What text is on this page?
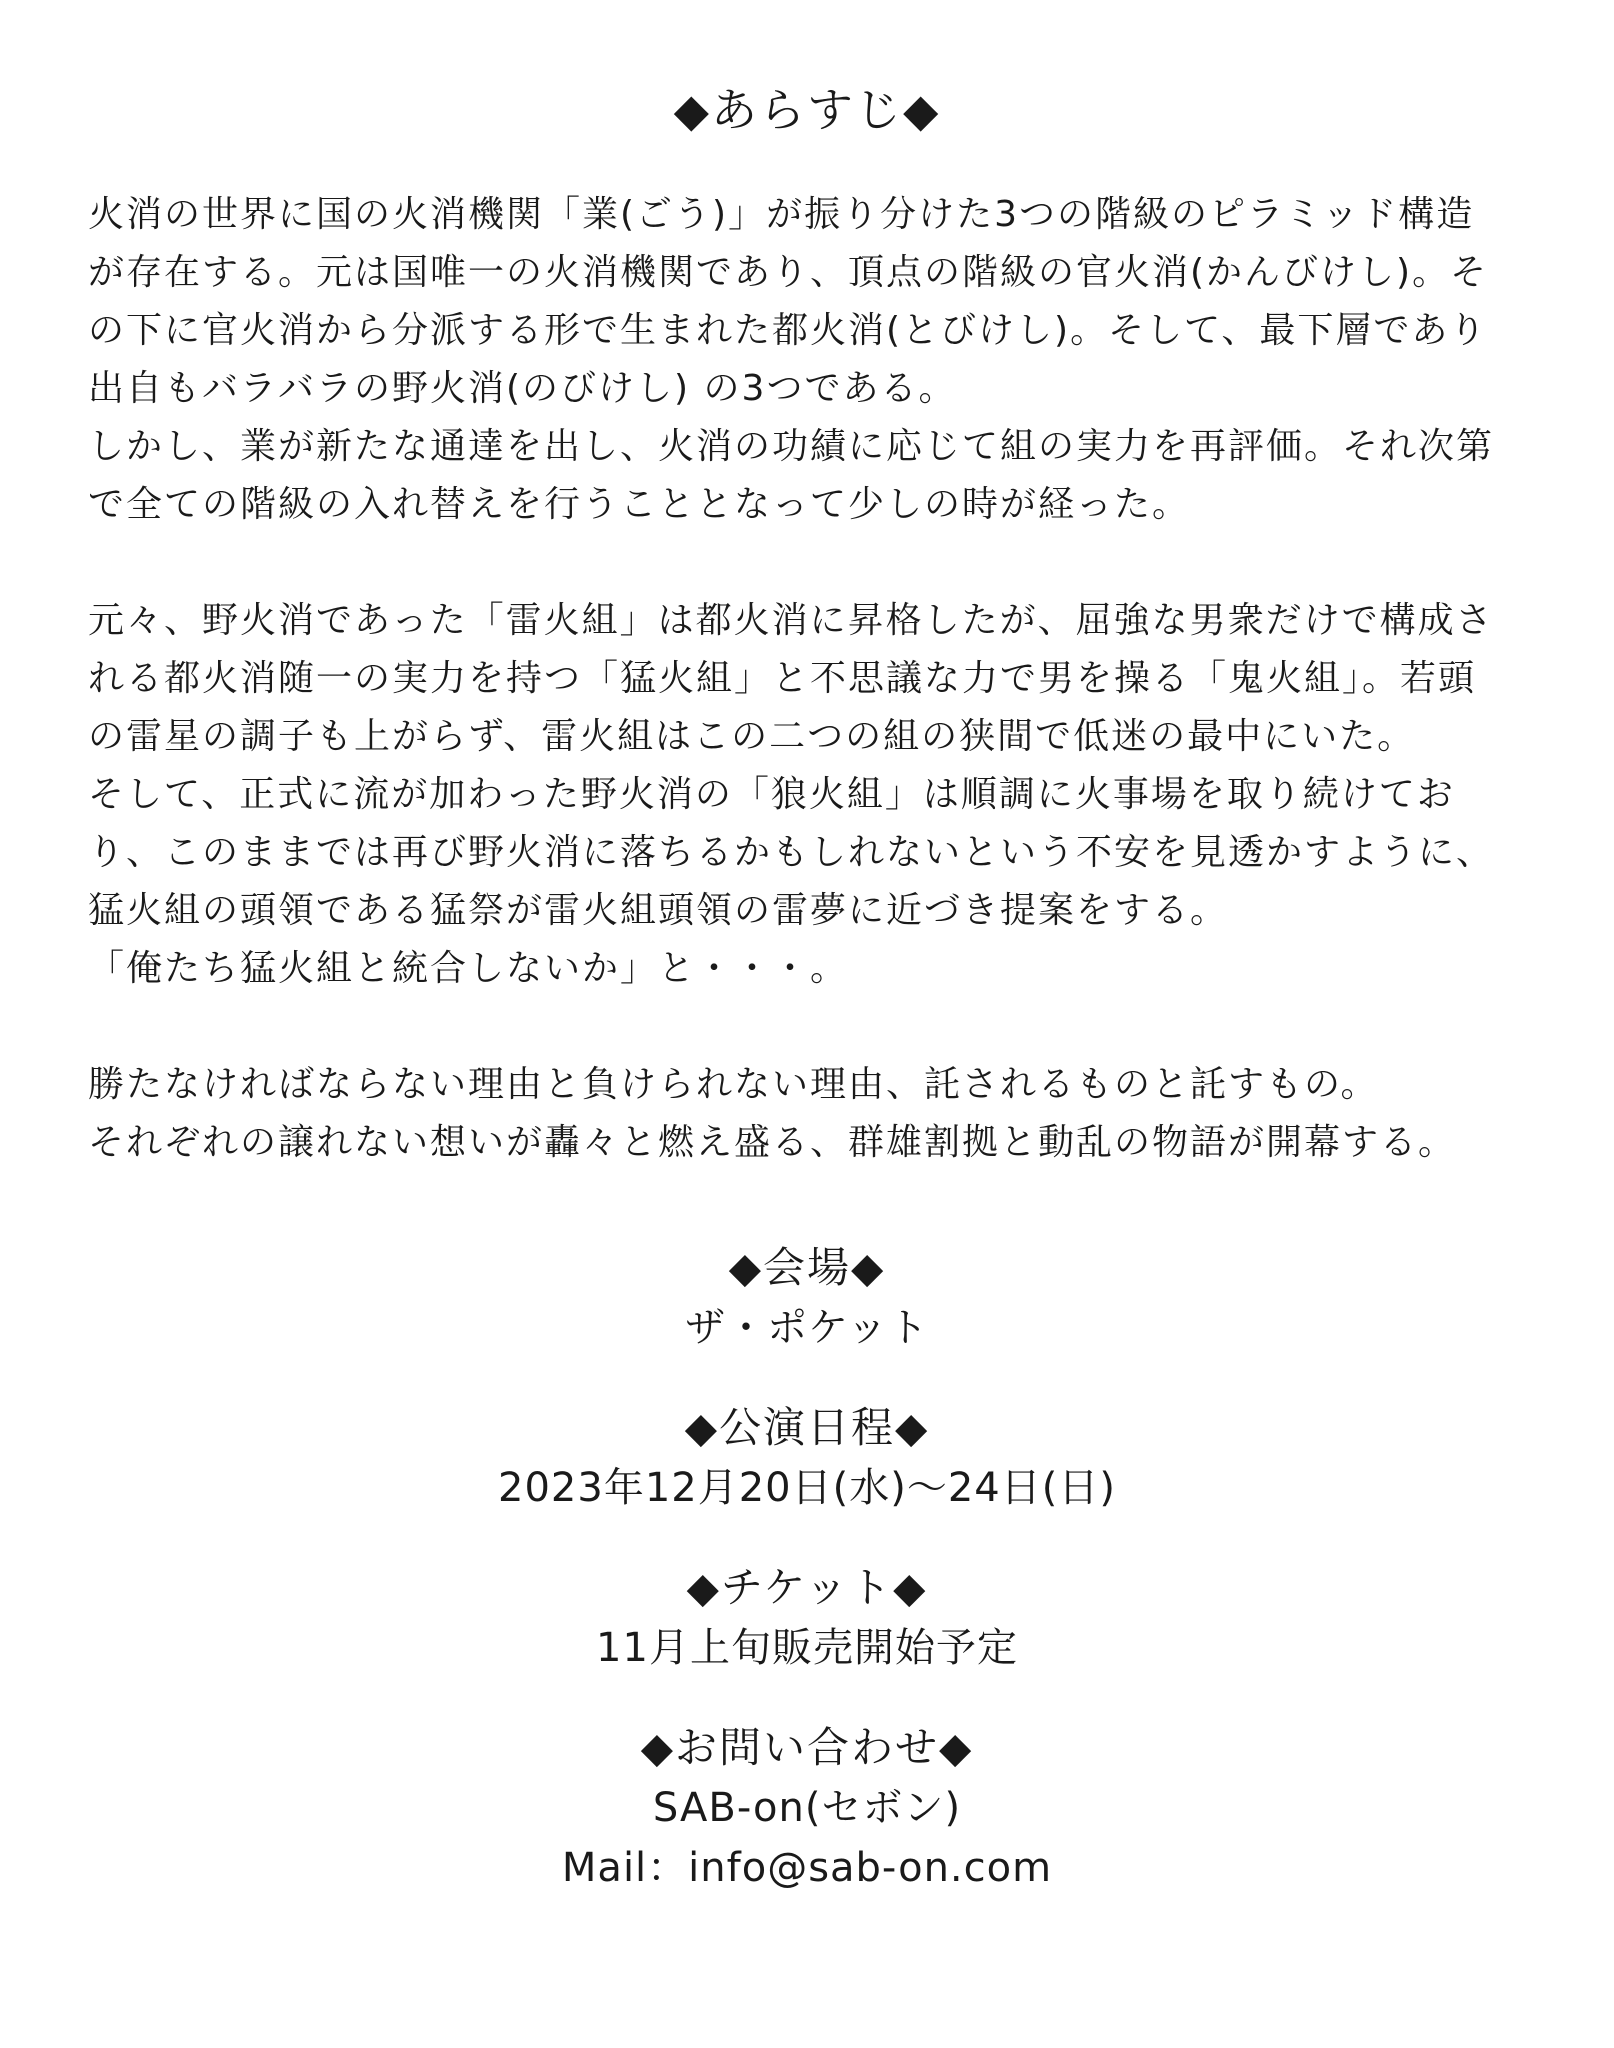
◆あらすじ◆

火消の世界に国の火消機関「業(ごう)」が振り分けた3つの階級のピラミッド構造
が存在する。元は国唯一の火消機関であり、頂点の階級の官火消(かんびけし)。そ
の下に官火消から分派する形で生まれた都火消(とびけし)。そして、最下層であり
出自もバラバラの野火消(のびけし) の3つである。
しかし、業が新たな通達を出し、火消の功績に応じて組の実力を再評価。それ次第
で全ての階級の入れ替えを行うこととなって少しの時が経った。

元々、野火消であった「雷火組」は都火消に昇格したが、屈強な男衆だけで構成さ
れる都火消随一の実力を持つ「猛火組」と不思議な力で男を操る「鬼火組」。若頭
の雷星の調子も上がらず、雷火組はこの二つの組の狭間で低迷の最中にいた。
そして、正式に流が加わった野火消の「狼火組」は順調に火事場を取り続けてお
り、このままでは再び野火消に落ちるかもしれないという不安を見透かすように、
猛火組の頭領である猛祭が雷火組頭領の雷夢に近づき提案をする。
「俺たち猛火組と統合しないか」と・・・。

勝たなければならない理由と負けられない理由、託されるものと託すもの。
それぞれの譲れない想いが轟々と燃え盛る、群雄割拠と動乱の物語が開幕する。

◆会場◆
ザ・ポケット
◆公演日程◆
2023年12月20日(水)〜24日(日)
◆チケット◆
11月上旬販売開始予定
◆お問い合わせ◆
SAB-on(セボン)
Mail：info@sab-on.com
